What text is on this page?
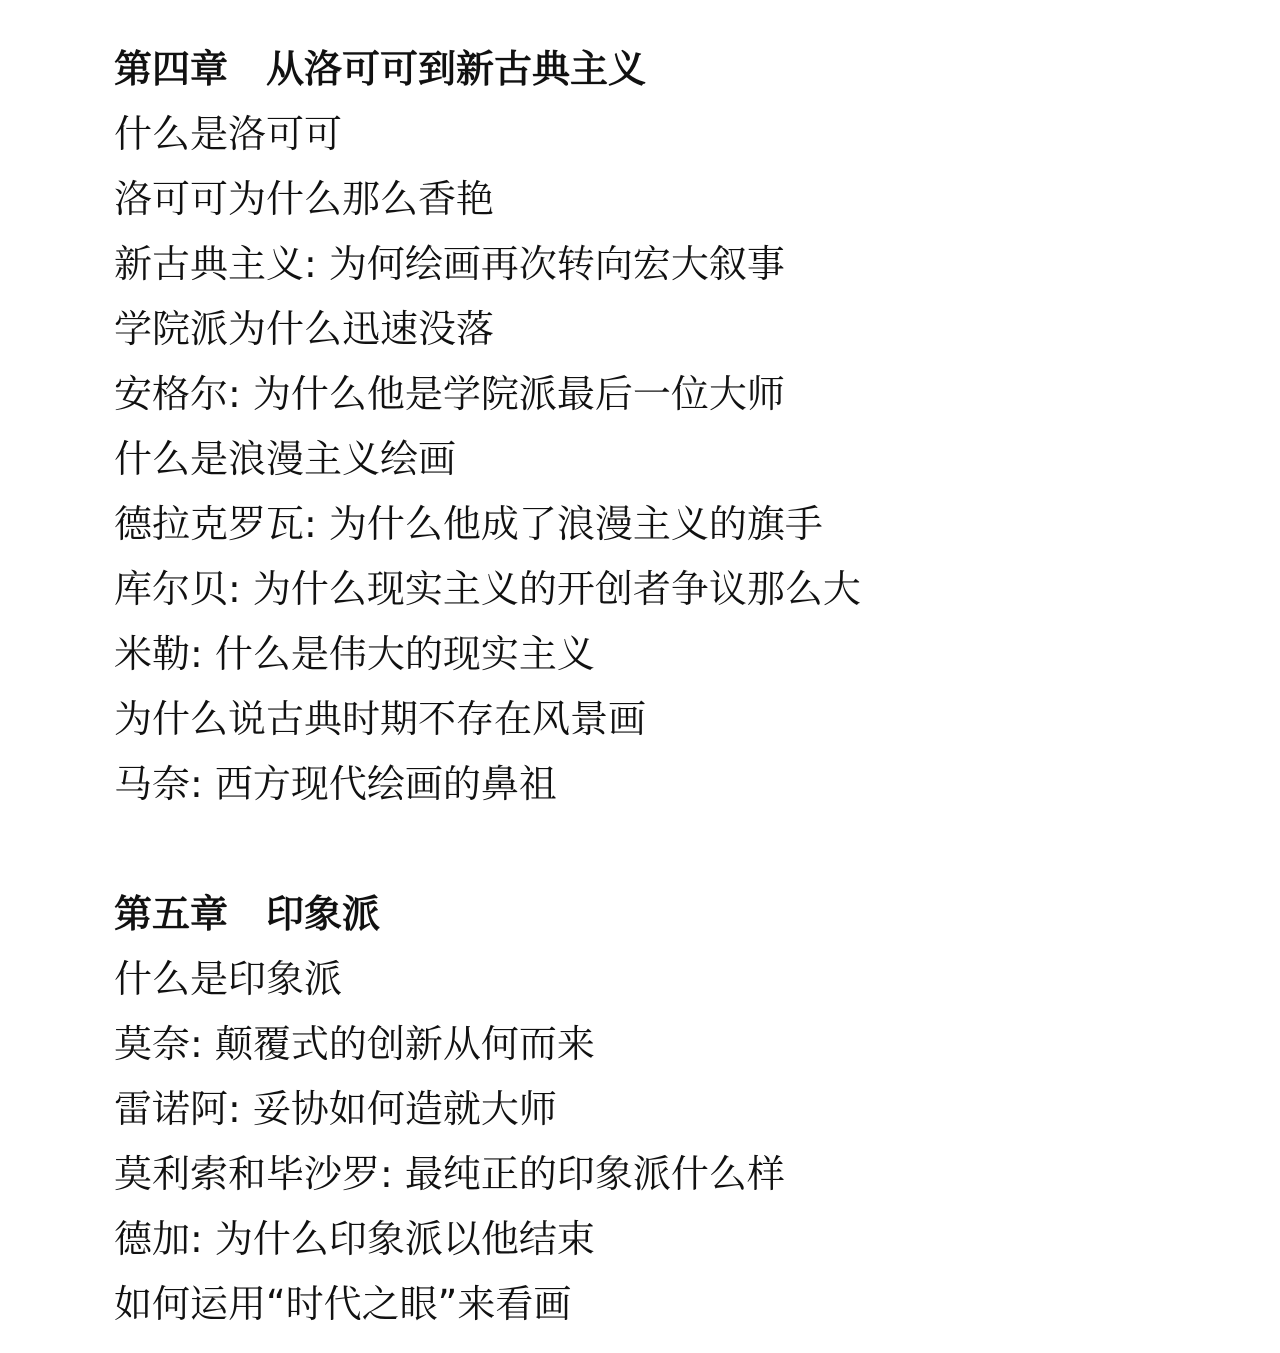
第四章　从洛可可到新古典主义
什么是洛可可
洛可可为什么那么香艳
新古典主义: 为何绘画再次转向宏大叙事
学院派为什么迅速没落
安格尔: 为什么他是学院派最后一位大师
什么是浪漫主义绘画
德拉克罗瓦: 为什么他成了浪漫主义的旗手
库尔贝: 为什么现实主义的开创者争议那么大
米勒: 什么是伟大的现实主义
为什么说古典时期不存在风景画
马奈: 西方现代绘画的鼻祖
第五章　印象派
什么是印象派
莫奈: 颠覆式的创新从何而来
雷诺阿: 妥协如何造就大师
莫利索和毕沙罗: 最纯正的印象派什么样
德加: 为什么印象派以他结束
如何运用“时代之眼”来看画
